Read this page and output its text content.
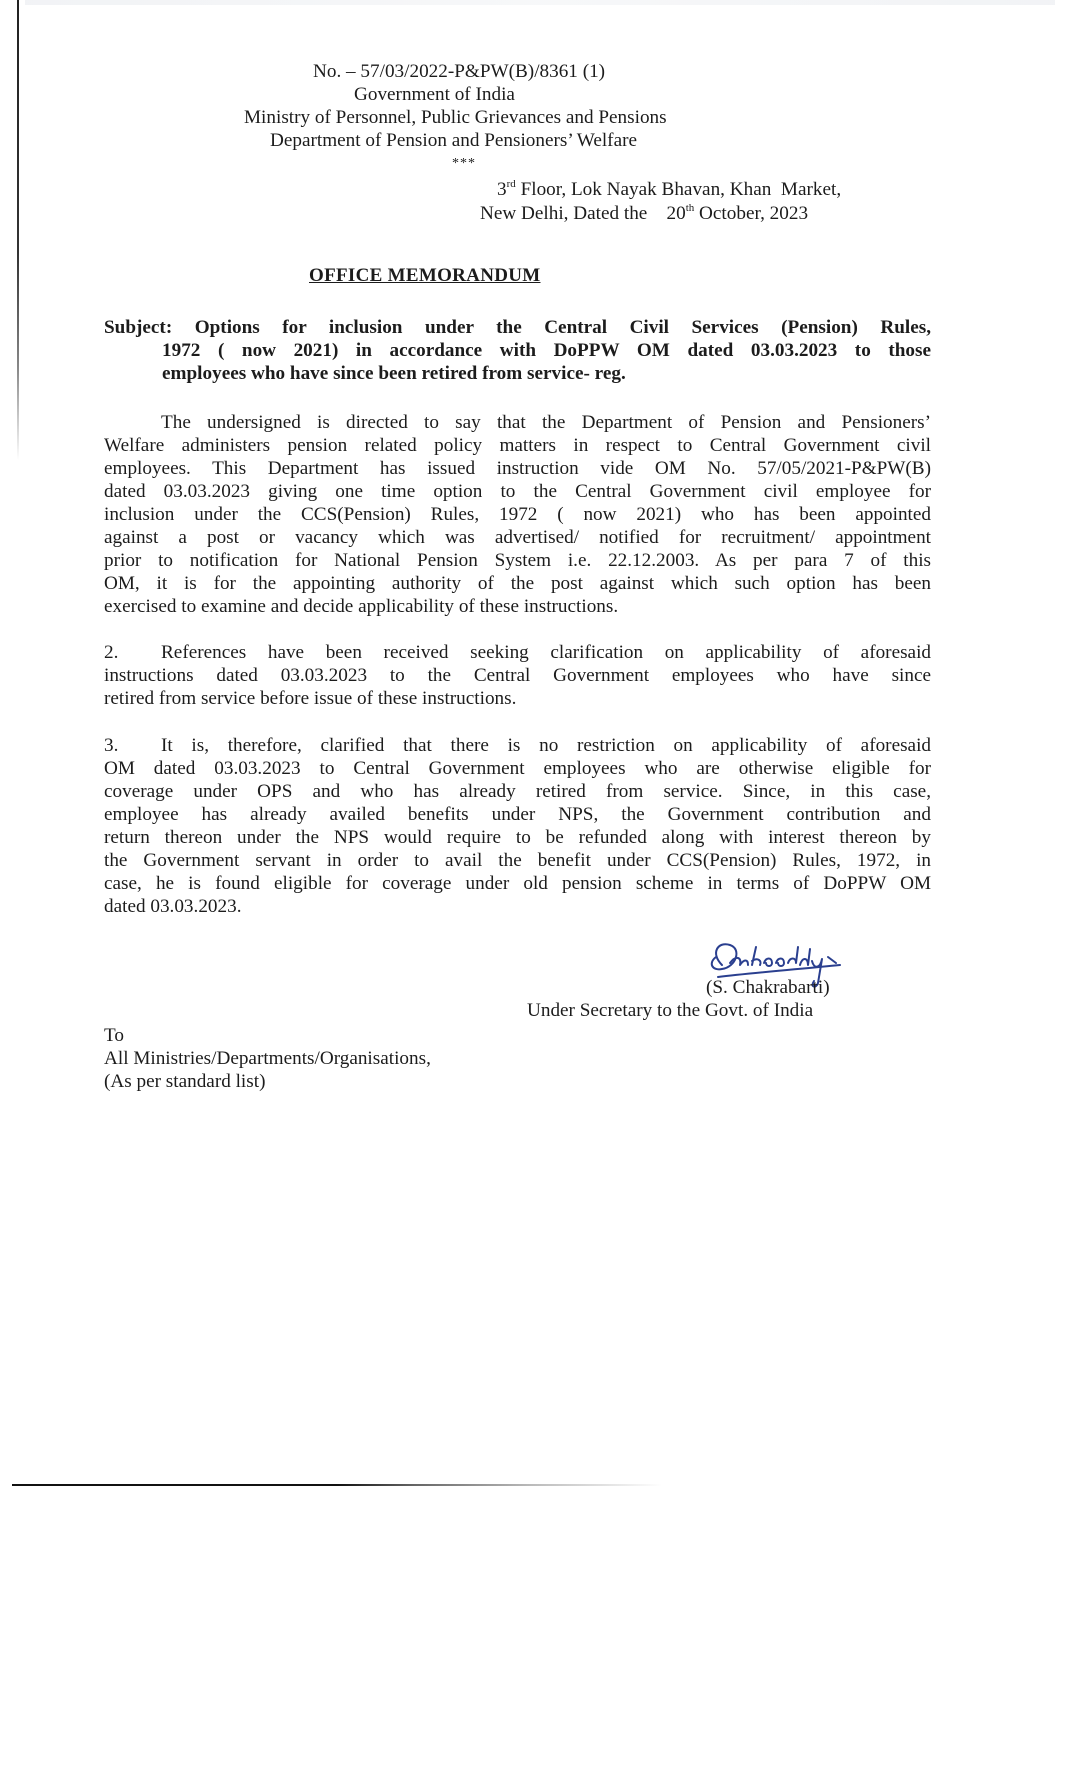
No. – 57/03/2022-P&PW(B)/8361 (1)
Government of India
Ministry of Personnel, Public Grievances and Pensions
Department of Pension and Pensioners’ Welfare
***
3rd Floor, Lok Nayak Bhavan, Khan  Market,
New Delhi, Dated the    20th October, 2023
OFFICE MEMORANDUM
Subject: Options for inclusion under the Central Civil Services (Pension) Rules,
1972 ( now 2021) in accordance with DoPPW OM dated 03.03.2023 to those
employees who have since been retired from service- reg.
The undersigned is directed to say that the Department of Pension and Pensioners’
Welfare administers pension related policy matters in respect to Central Government civil
employees. This Department has issued instruction vide OM No. 57/05/2021-P&PW(B)
dated 03.03.2023 giving one time option to the Central Government civil employee for
inclusion under the CCS(Pension) Rules, 1972 ( now 2021) who has been appointed
against a post or vacancy which was advertised/ notified for recruitment/ appointment
prior to notification for National Pension System i.e. 22.12.2003. As per para 7 of this
OM, it is for the appointing authority of the post against which such option has been
exercised to examine and decide applicability of these instructions.
2. References have been received seeking clarification on applicability of aforesaid
instructions dated 03.03.2023 to the Central Government employees who have since
retired from service before issue of these instructions.
3. It is, therefore, clarified that there is no restriction on applicability of aforesaid
OM dated 03.03.2023 to Central Government employees who are otherwise eligible for
coverage under OPS and who has already retired from service. Since, in this case,
employee has already availed benefits under NPS, the Government contribution and
return thereon under the NPS would require to be refunded along with interest thereon by
the Government servant in order to avail the benefit under CCS(Pension) Rules, 1972, in
case, he is found eligible for coverage under old pension scheme in terms of DoPPW OM
dated 03.03.2023.
(S. Chakrabarti)
Under Secretary to the Govt. of India
To
All Ministries/Departments/Organisations,
(As per standard list)
